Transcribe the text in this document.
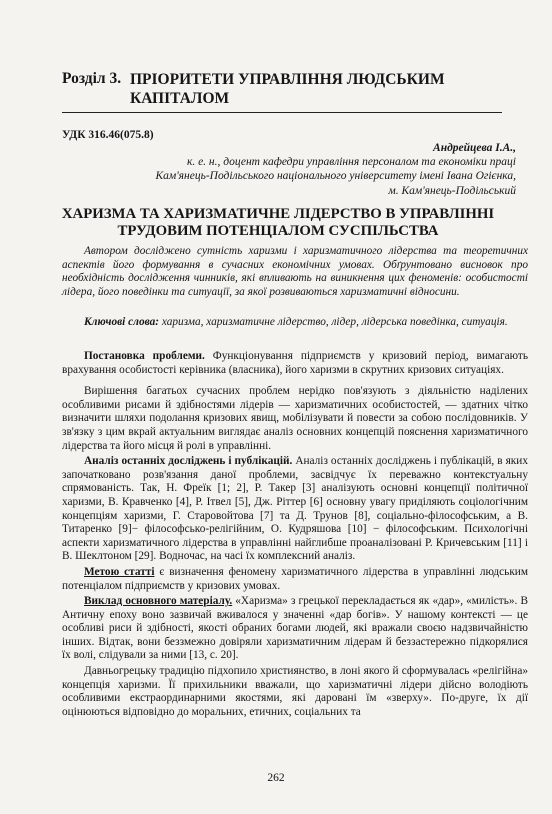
Розділ 3. ПРІОРИТЕТИ УПРАВЛІННЯ ЛЮДСЬКИМ КАПІТАЛОМ
УДК 316.46(075.8)
Андрейцева І.А.,
к. е. н., доцент кафедри управління персоналом та економіки праці
Кам'янець-Подільського національного університету імені Івана Огієнка,
м. Кам'янець-Подільський
ХАРИЗМА ТА ХАРИЗМАТИЧНЕ ЛІДЕРСТВО В УПРАВЛІННІ ТРУДОВИМ ПОТЕНЦІАЛОМ СУСПІЛЬСТВА

Автором досліджено сутність харизми і харизматичного лідерства та теоретичних аспектів його формування в сучасних економічних умовах. Обґрунтовано висновок про необхідність дослідження чинників, які впливають на виникнення цих феноменів: особистості лідера, його поведінки та ситуації, за якої розвиваються харизматичні відносини.

Ключові слова: харизма, харизматичне лідерство, лідер, лідерська поведінка, ситуація.

Постановка проблеми. Функціонування підприємств у кризовий період, вимагають врахування особистості керівника (власника), його харизми в скрутних кризових ситуаціях.

Вирішення багатьох сучасних проблем нерідко пов'язують з діяльністю наділених особливими рисами й здібностями лідерів — харизматичних особистостей, — здатних чітко визначити шляхи подолання кризових явищ, мобілізувати й повести за собою послідовників. У зв'язку з цим вкрай актуальним виглядає аналіз основних концепцій пояснення харизматичного лідерства та його місця й ролі в управлінні.

Аналіз останніх досліджень і публікацій. Аналіз останніх досліджень і публікацій, в яких започатковано розв'язання даної проблеми, засвідчує їх переважно контекстуальну спрямованість. Так, Н. Фреїк [1; 2], Р. Такер [3] аналізують основні концепції політичної харизми, В. Кравченко [4], Р. Ітвел [5], Дж. Ріттер [6] основну увагу приділяють соціологічним концепціям харизми, Г. Старовойтова [7] та Д. Трунов [8], соціально-філософським, а В. Титаренко [9]− філософсько-релігійним, О. Кудряшова [10] − філософським. Психологічні аспекти харизматичного лідерства в управлінні найглибше проаналізовані Р. Кричевським [11] і В. Шеклтоном [29]. Водночас, на часі їх комплексний аналіз.

Метою статті є визначення феномену харизматичного лідерства в управлінні людським потенціалом підприємств у кризових умовах.

Виклад основного матеріалу. «Харизма» з грецької перекладається як «дар», «милість». В Античну епоху воно зазвичай вживалося у значенні «дар богів». У нашому контексті — це особливі риси й здібності, якості обраних богами людей, які вражали своєю надзвичайністю інших. Відтак, вони беззмежно довіряли харизматичним лідерам й беззастережно підкорялися їх волі, слідували за ними [13, с. 20].

Давньогрецьку традицію підхопило християнство, в лоні якого й сформувалась «релігійна» концепція харизми. Її прихильники вважали, що харизматичні лідери дійсно володіють особливими екстраординарними якостями, які даровані їм «зверху». По-друге, їх дії оцінюються відповідно до моральних, етичних, соціальних та

262
